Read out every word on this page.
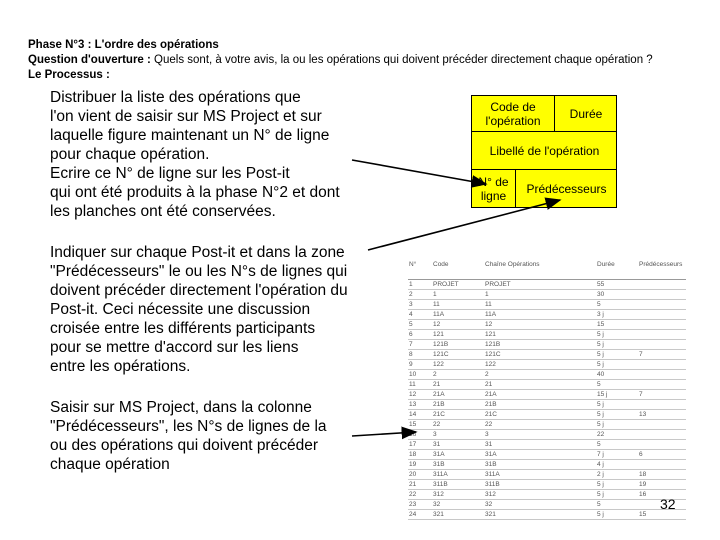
Phase N°3 : L'ordre des opérations
Question d'ouverture : Quels sont, à votre avis, la ou les opérations qui doivent précéder directement chaque opération ?
Le Processus :
Distribuer la liste des opérations que
l'on vient de saisir sur MS Project et sur
laquelle figure maintenant un N° de ligne
pour chaque opération.
Ecrire ce N° de ligne sur les Post-it
qui ont été produits à la phase N°2 et dont
les planches ont été conservées.
Indiquer sur chaque Post-it et dans la zone
"Prédécesseurs" le ou les N°s de lignes qui
doivent précéder directement l'opération du
Post-it. Ceci nécessite une discussion
croisée entre les différents participants
pour se mettre d'accord sur les liens
entre les opérations.
Saisir sur MS Project, dans la colonne
"Prédécesseurs", les N°s de lignes de la
ou des opérations qui doivent précéder
chaque opération
Code de
l'opération	Durée
Libellé de l'opération
N° de
ligne	Prédécesseurs
N°	Code	Chaîne Opérations	Durée	Prédécesseurs
1	PROJET	PROJET	55	
2	1	1	30	
3	11	11	5	
4	11A	11A	3 j	
5	12	12	15	
6	121	121	5 j	
7	121B	121B	5 j	
8	121C	121C	5 j	7
9	122	122	5 j	
10	2	2	40	
11	21	21	5	
12	21A	21A	15 j	7
13	21B	21B	5 j	
14	21C	21C	5 j	13
15	22	22	5 j	
16	3	3	22	
17	31	31	5	
18	31A	31A	7 j	6
19	31B	31B	4 j	
20	311A	311A	2 j	18
21	311B	311B	5 j	19
22	312	312	5 j	16
23	32	32	5	
24	321	321	5 j	15
32
